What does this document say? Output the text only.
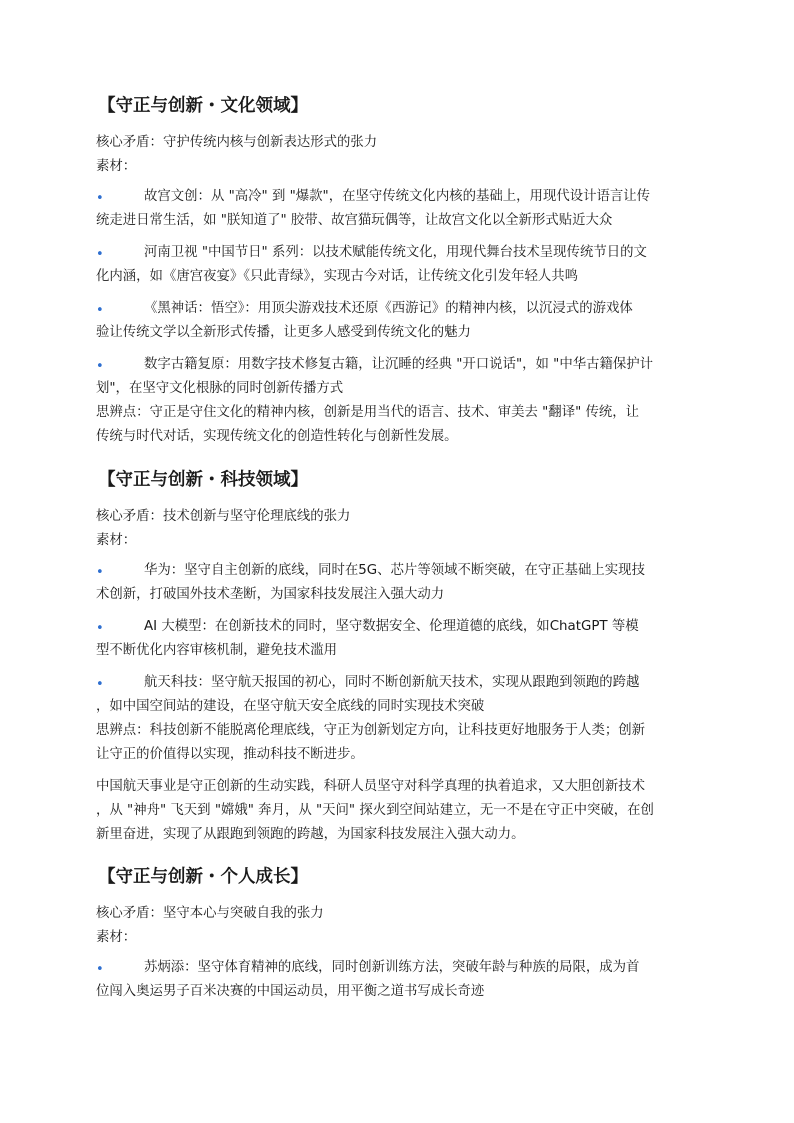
【守正与创新・文化领域】

核心矛盾：守护传统内核与创新表达形式的张力

素材：

•	故宫文创：从 "高冷" 到 "爆款"，在坚守传统文化内核的基础上，用现代设计语言让传
统走进日常生活，如 "朕知道了" 胶带、故宫猫玩偶等，让故宫文化以全新形式贴近大众
•	河南卫视 "中国节日" 系列：以技术赋能传统文化，用现代舞台技术呈现传统节日的文
化内涵，如《唐宫夜宴》《只此青绿》，实现古今对话，让传统文化引发年轻人共鸣
•	《黑神话：悟空》：用顶尖游戏技术还原《西游记》的精神内核，以沉浸式的游戏体
验让传统文学以全新形式传播，让更多人感受到传统文化的魅力
•	数字古籍复原：用数字技术修复古籍，让沉睡的经典 "开口说话"，如 "中华古籍保护计
划"，在坚守文化根脉的同时创新传播方式

思辨点：守正是守住文化的精神内核，创新是用当代的语言、技术、审美去 "翻译" 传统，让

传统与时代对话，实现传统文化的创造性转化与创新性发展。

【守正与创新・科技领域】

核心矛盾：技术创新与坚守伦理底线的张力

素材：

•	华为：坚守自主创新的底线，同时在5G、芯片等领域不断突破，在守正基础上实现技
术创新，打破国外技术垄断，为国家科技发展注入强大动力
•	AI 大模型：在创新技术的同时，坚守数据安全、伦理道德的底线，如ChatGPT 等模
型不断优化内容审核机制，避免技术滥用
•	航天科技：坚守航天报国的初心，同时不断创新航天技术，实现从跟跑到领跑的跨越
，如中国空间站的建设，在坚守航天安全底线的同时实现技术突破

思辨点：科技创新不能脱离伦理底线，守正为创新划定方向，让科技更好地服务于人类；创新

让守正的价值得以实现，推动科技不断进步。

中国航天事业是守正创新的生动实践，科研人员坚守对科学真理的执着追求，又大胆创新技术

，从 "神舟" 飞天到 "嫦娥" 奔月，从 "天问" 探火到空间站建立，无一不是在守正中突破，在创

新里奋进，实现了从跟跑到领跑的跨越，为国家科技发展注入强大动力。

【守正与创新・个人成长】

核心矛盾：坚守本心与突破自我的张力

素材：

•	苏炳添：坚守体育精神的底线，同时创新训练方法，突破年龄与种族的局限，成为首
位闯入奥运男子百米决赛的中国运动员，用平衡之道书写成长奇迹
